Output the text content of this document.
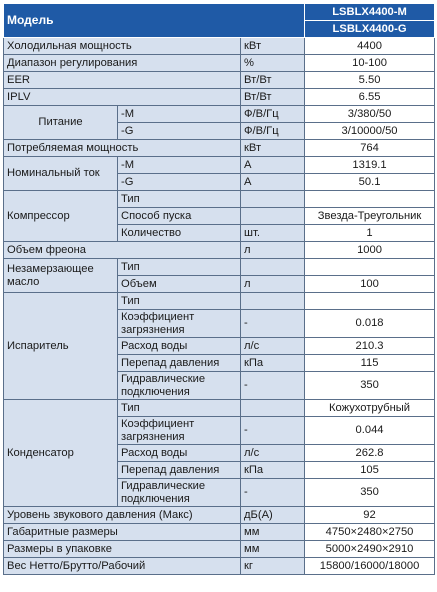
Модель			LSBLX4400-M
			LSBLX4400-G
Холодильная мощность		кВт	4400
Диапазон регулирования		%	10-100
EER		Вт/Вт	5.50
IPLV		Вт/Вт	6.55
Питание	-M	Ф/В/Гц	3/380/50
	-G	Ф/В/Гц	3/10000/50
Потребляемая мощность		кВт	764
Номинальный ток	-M	A	1319.1
	-G	A	50.1
Компрессор	Тип		
	Способ пуска		Звезда-Треугольник
	Количество	шт.	1
Объем фреона		л	1000
Незамерзающее масло	Тип		
	Объем	л	100
Испаритель	Тип		
	Коэффициент загрязнения	-	0.018
	Расход воды	л/с	210.3
	Перепад давления	кПа	115
	Гидравлические подключения	-	350
Конденсатор	Тип		Кожухотрубный
	Коэффициент загрязнения	-	0.044
	Расход воды	л/с	262.8
	Перепад давления	кПа	105
	Гидравлические подключения	-	350
Уровень звукового давления (Макс)		дБ(А)	92
Габаритные размеры		мм	4750×2480×2750
Размеры в упаковке		мм	5000×2490×2910
Вес Нетто/Брутто/Рабочий		кг	15800/16000/18000
